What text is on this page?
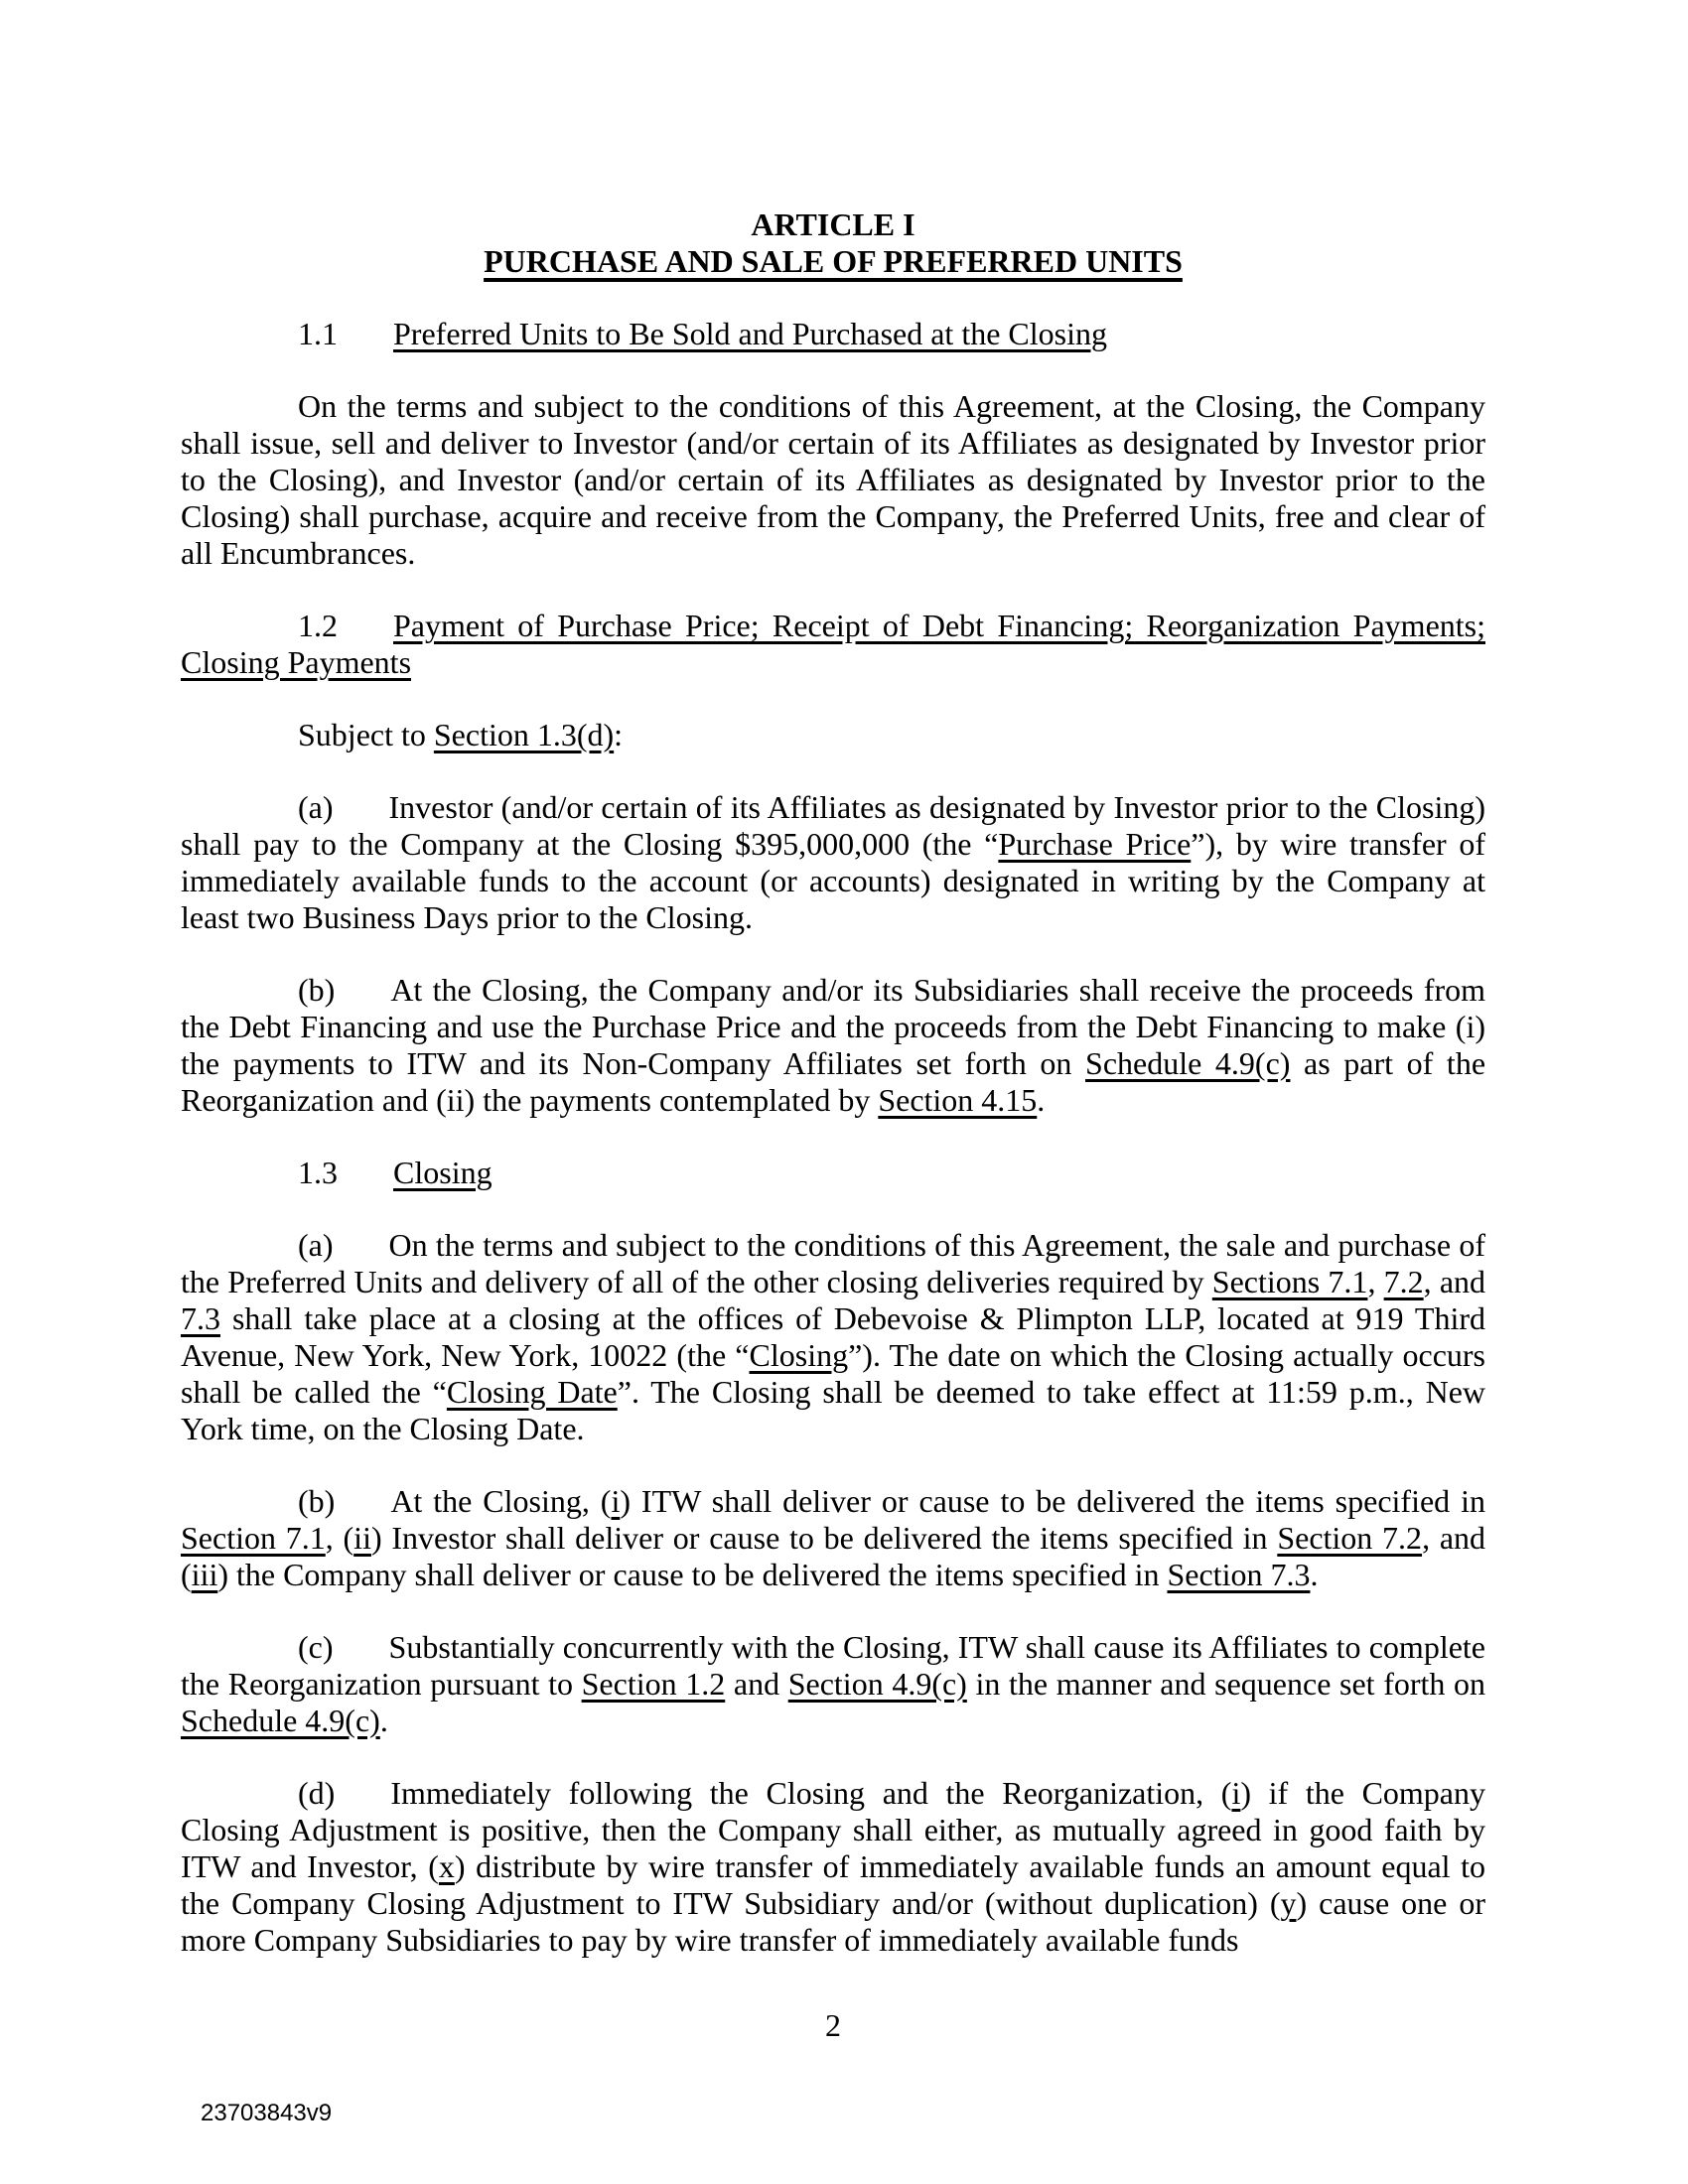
ARTICLE I
PURCHASE AND SALE OF PREFERRED UNITS

1.1 Preferred Units to Be Sold and Purchased at the Closing

On the terms and subject to the conditions of this Agreement, at the Closing, the Company shall issue, sell and deliver to Investor (and/or certain of its Affiliates as designated by Investor prior to the Closing), and Investor (and/or certain of its Affiliates as designated by Investor prior to the Closing) shall purchase, acquire and receive from the Company, the Preferred Units, free and clear of all Encumbrances.

1.2 Payment of Purchase Price; Receipt of Debt Financing; Reorganization Payments; Closing Payments

Subject to Section 1.3(d):

(a) Investor (and/or certain of its Affiliates as designated by Investor prior to the Closing) shall pay to the Company at the Closing $395,000,000 (the “Purchase Price”), by wire transfer of immediately available funds to the account (or accounts) designated in writing by the Company at least two Business Days prior to the Closing.

(b) At the Closing, the Company and/or its Subsidiaries shall receive the proceeds from the Debt Financing and use the Purchase Price and the proceeds from the Debt Financing to make (i) the payments to ITW and its Non-Company Affiliates set forth on Schedule 4.9(c) as part of the Reorganization and (ii) the payments contemplated by Section 4.15.

1.3 Closing

(a) On the terms and subject to the conditions of this Agreement, the sale and purchase of the Preferred Units and delivery of all of the other closing deliveries required by Sections 7.1, 7.2, and 7.3 shall take place at a closing at the offices of Debevoise & Plimpton LLP, located at 919 Third Avenue, New York, New York, 10022 (the “Closing”). The date on which the Closing actually occurs shall be called the “Closing Date”. The Closing shall be deemed to take effect at 11:59 p.m., New York time, on the Closing Date.

(b) At the Closing, (i) ITW shall deliver or cause to be delivered the items specified in Section 7.1, (ii) Investor shall deliver or cause to be delivered the items specified in Section 7.2, and (iii) the Company shall deliver or cause to be delivered the items specified in Section 7.3.

(c) Substantially concurrently with the Closing, ITW shall cause its Affiliates to complete the Reorganization pursuant to Section 1.2 and Section 4.9(c) in the manner and sequence set forth on Schedule 4.9(c).

(d) Immediately following the Closing and the Reorganization, (i) if the Company Closing Adjustment is positive, then the Company shall either, as mutually agreed in good faith by ITW and Investor, (x) distribute by wire transfer of immediately available funds an amount equal to the Company Closing Adjustment to ITW Subsidiary and/or (without duplication) (y) cause one or more Company Subsidiaries to pay by wire transfer of immediately available funds

2
23703843v9
